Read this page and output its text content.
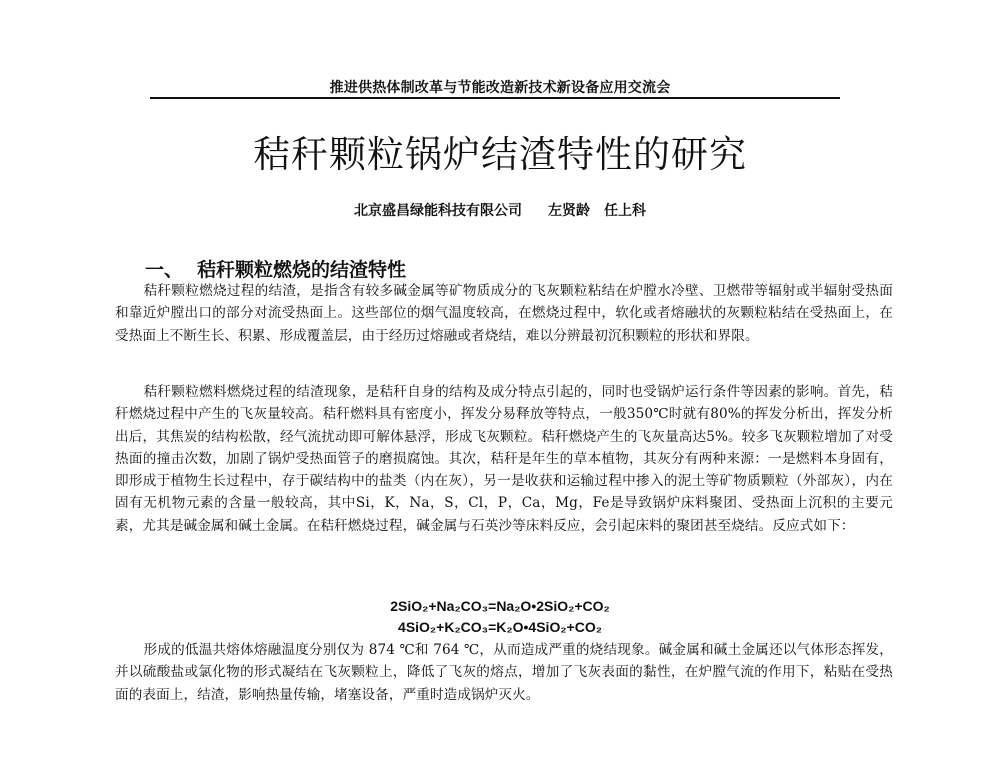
推进供热体制改革与节能改造新技术新设备应用交流会
秸秆颗粒锅炉结渣特性的研究
北京盛昌绿能科技有限公司 左贤龄 任上科
一、 秸秆颗粒燃烧的结渣特性

秸秆颗粒燃烧过程的结渣，是指含有较多碱金属等矿物质成分的飞灰颗粒粘结在炉膛水冷壁、卫燃带等辐射或半辐射受热面和靠近炉膛出口的部分对流受热面上。这些部位的烟气温度较高，在燃烧过程中，软化或者熔融状的灰颗粒粘结在受热面上，在受热面上不断生长、积累、形成覆盖层，由于经历过熔融或者烧结，难以分辨最初沉积颗粒的形状和界限。

秸秆颗粒燃料燃烧过程的结渣现象，是秸秆自身的结构及成分特点引起的，同时也受锅炉运行条件等因素的影响。首先，秸秆燃烧过程中产生的飞灰量较高。秸秆燃料具有密度小，挥发分易释放等特点，一般350℃时就有80%的挥发分析出，挥发分析出后，其焦炭的结构松散，经气流扰动即可解体悬浮，形成飞灰颗粒。秸秆燃烧产生的飞灰量高达5%。较多飞灰颗粒增加了对受热面的撞击次数，加剧了锅炉受热面管子的磨损腐蚀。其次，秸秆是年生的草本植物，其灰分有两种来源：一是燃料本身固有，即形成于植物生长过程中，存于碳结构中的盐类（内在灰），另一是收获和运输过程中掺入的泥土等矿物质颗粒（外部灰），内在固有无机物元素的含量一般较高，其中Si，K，Na，S，Cl，P，Ca，Mg，Fe是导致锅炉床料聚团、受热面上沉积的主要元素，尤其是碱金属和碱土金属。在秸秆燃烧过程，碱金属与石英沙等床料反应，会引起床料的聚团甚至烧结。反应式如下：

2SiO₂+Na₂CO₃=Na₂O•2SiO₂+CO₂
4SiO₂+K₂CO₃=K₂O•4SiO₂+CO₂

形成的低温共熔体熔融温度分别仅为 874 ℃和 764 ℃，从而造成严重的烧结现象。碱金属和碱土金属还以气体形态挥发，并以硫酸盐或氯化物的形式凝结在飞灰颗粒上，降低了飞灰的熔点，增加了飞灰表面的黏性，在炉膛气流的作用下，粘贴在受热面的表面上，结渣，影响热量传输，堵塞设备，严重时造成锅炉灭火。
